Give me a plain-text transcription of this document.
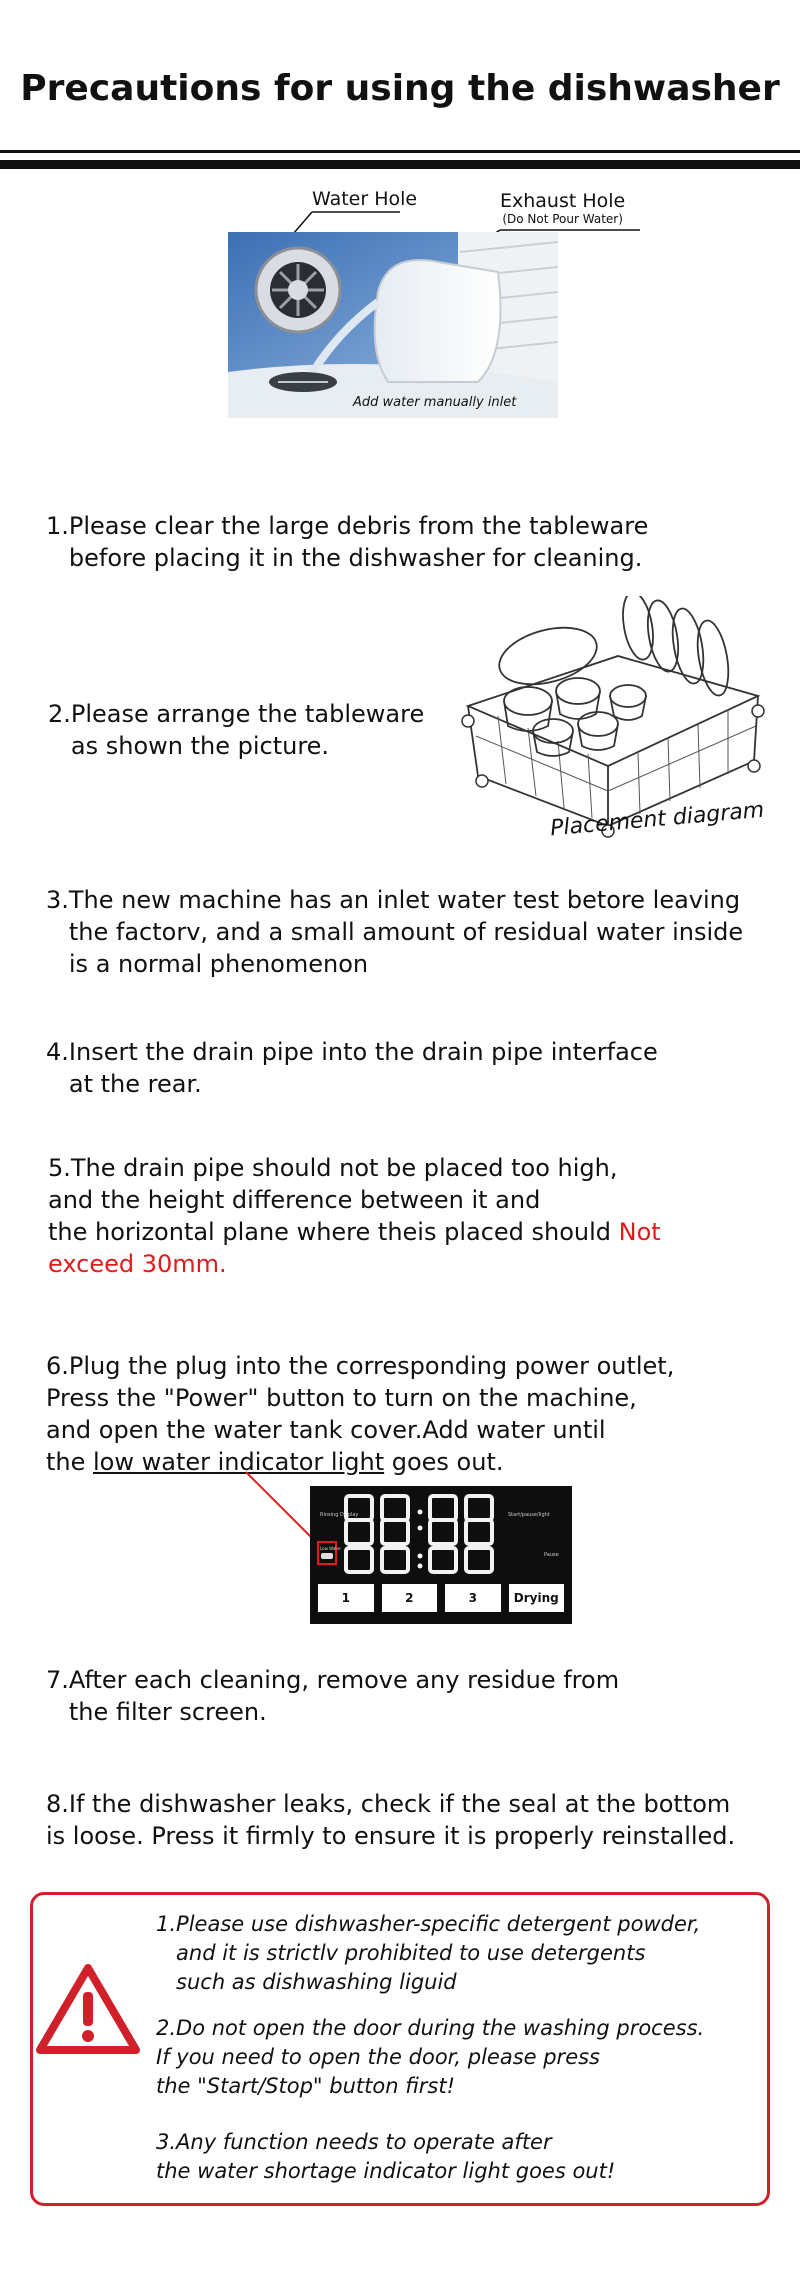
Precautions for using the dishwasher
Water Hole	Exhaust Hole
(Do Not Pour Water)
Add water manually inlet
1.Please clear the large debris from the tableware
before placing it in the dishwasher for cleaning.
2.Please arrange the tableware
as shown the picture.
Placement diagram
3.The new machine has an inlet water test betore leaving
the factorv, and a small amount of residual water inside
is a normal phenomenon
4.Insert the drain pipe into the drain pipe interface
at the rear.
5.The drain pipe should not be placed too high,
and the height difference between it and
the horizontal plane where theis placed should Not
exceed 30mm.
6.Plug the plug into the corresponding power outlet,
Press the "Power" button to turn on the machine,
and open the water tank cover.Add water until
the low water indicator light goes out.
Rinsing Display	Start/pause/light
Pause
Low Water
1	2	3	Drying
7.After each cleaning, remove any residue from
the filter screen.
8.If the dishwasher leaks, check if the seal at the bottom
is loose. Press it firmly to ensure it is properly reinstalled.
1.Please use dishwasher-specific detergent powder,
and it is strictlv prohibited to use detergents
such as dishwashing liguid
2.Do not open the door during the washing process.
If you need to open the door, please press
the "Start/Stop" button first!
3.Any function needs to operate after
the water shortage indicator light goes out!
